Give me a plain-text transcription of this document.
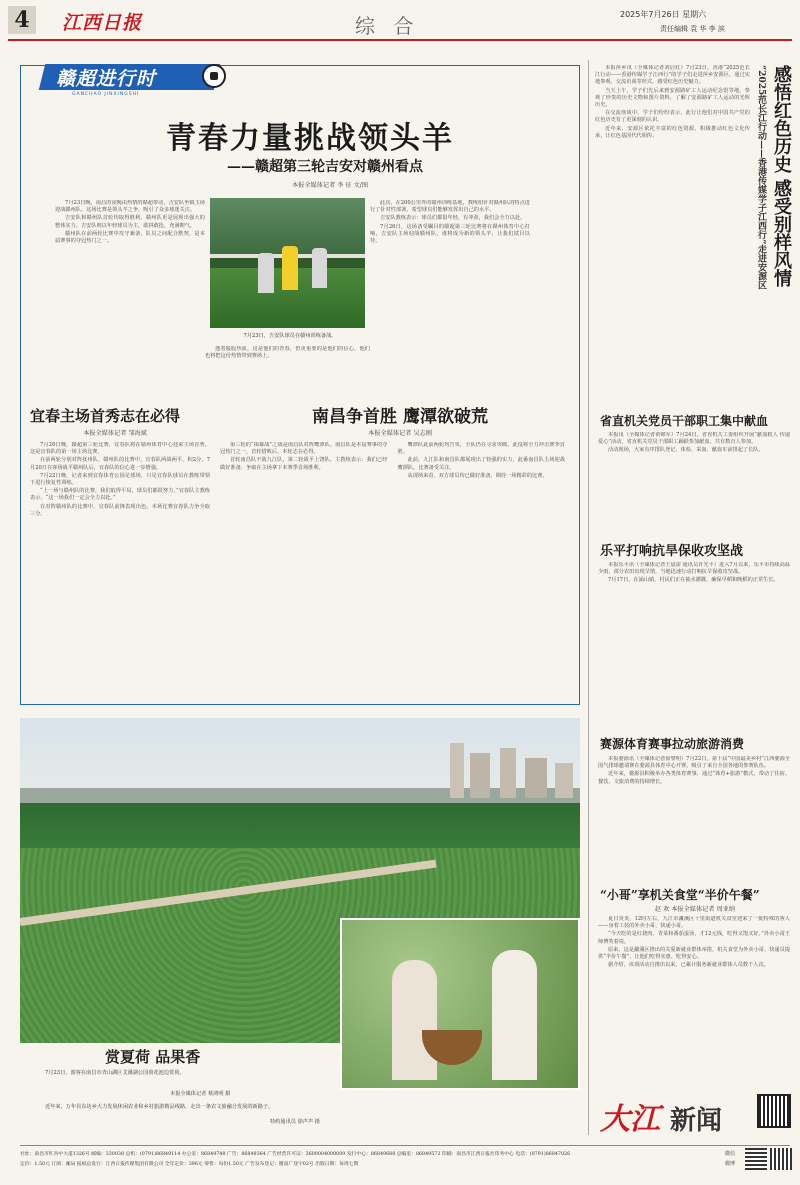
4	江西日报	综 合	2025年7月26日 星期六
责任编辑 袁 华 李 滨
赣超进行时
GANCHAO JINXINGSHI
青春力量挑战领头羊
——赣超第三轮吉安对赣州看点
本报全媒体记者 李 征 文/图

7月23日晚，南昌的夜晚由热情的赣超带动，吉安队坐镇主场迎战赣州队。这场比赛是领头羊之争，吸引了众多球迷关注。

吉安队和赣州队首轮均取得胜利，赣州队更是展现出强大的整体实力。吉安队则以年轻球员为主，敢拼敢抢，充满朝气。

赣州队在前两轮比赛中攻守兼备，队员之间配合默契，是本届赛事的夺冠热门之一。

7月23日，吉安队球员在赣州训练备战。

此次，在200公里外的赣州训练基地，教练组针对赣州队的特点进行了针对性部署，希望球员们能够发挥出自己的水平。

吉安队教练表示：球员们都很年轻，有冲劲，我们会全力以赴。

7月26日，这场备受瞩目的赣超第三轮比赛将在赣州体育中心打响，吉安队主场迎战赣州队，谁将成为新的领头羊，让我们拭目以待。

透着股股热血，这是他们的青春，但更重要的是他们的信心，他们也将把这份热情带到赛场上。

宜春主场首秀志在必得
本报全媒体记者 邹海斌

7月26日晚，赣超第三轮比赛，宜春队将在赣州体育中心迎来主场首秀。这是宜春队的第一场主场比赛。

在前两轮分别对阵抚州队、赣州队的比赛中，宜春队两战两平，积2分。7月20日在客场战平赣州队后，宜春队的信心进一步增强。

7月22日晚，记者来到宜春体育公园足球场，只见宜春队球员在教练带领下进行恢复性训练。

“上一场与赣州队的比赛，我们取得平局，球员们都很努力，”宜春队主教练表示，“这一场我们一定会全力以赴。”

在对阵赣州队的比赛中，宜春队前锋表现出色。本场比赛宜春队力争全取三分。

南昌争首胜 鹰潭欲破荒
本报全媒体记者 吴志刚

第三轮的“揭幕战”之战是南昌队对阵鹰潭队。南昌队是本届赛事的夺冠热门之一，首轮惜败后，本轮志在必得。

首轮南昌队不敌九江队，第二轮战平上饶队。主教练表示：我们已经做好准备，争取在主场拿下本赛季首场胜利。

鹰潭队此前两轮均告负，全队仍在寻求突破，此役将全力冲击赛季首胜。

此前，九江队和南昌队都展现出了较强的实力，此番南昌队主场迎战鹰潭队，比赛备受关注。

从现场来看，双方球员均已做好准备，期待一场精彩的比赛。

赏夏荷 品果香
7月23日，游客在南昌市青山湖区艾溪湖公园荷花池边赏荷。
本报全媒体记者 蔡鸿明 摄
近年来，万年县东坊乡大力发展休闲农业和乡村旅游精品线路，走出一条农文旅融合发展的新路子。
特约通讯员 徐声声 摄

本报萍乡讯（全媒体记者刘启红）7月23日，香港“2025范长江行动——香港传媒学子江西行”的学子们走进萍乡安源区，通过实地参观、交流访谈等形式，感受红色历史魅力。

当天上午，学子们先后来到安源路矿工人运动纪念馆等地，参观了珍贵的历史文物和图片资料，了解了安源路矿工人运动的光辉历史。

在交流座谈中，学子们纷纷表示，此行让他们对中国共产党的红色历史有了更深刻的认识。

近年来，安源区依托丰富的红色资源，积极推动红色文化传承，让红色基因代代相传。	“2025范长江行动——香港传媒学子江西行”走进安源区 感悟红色历史 感受别样风情
省直机关党员干部职工集中献血

本报讯（全媒体记者黄锦军）7月24日，省直机关工委组织开展“献血救人 传递爱心”活动，省直机关党员干部职工踊跃参加献血，共有数百人参加。

活动现场，大家有序排队登记、体检、采血，献血车前排起了长队。

乐平打响抗旱保收攻坚战

本报乐平讯（全媒体记者王晨霈 通讯员许光平）进入7月以来，乐平市持续高温少雨，部分农田出现旱情，当地迅速行动打响抗旱保收攻坚战。

7月17日，在涌山镇，村民们正在抽水灌溉，确保早稻和晚稻的正常生长。

赛源体育赛事拉动旅游消费

本报婺源讯（全媒体记者徐黎明）7月22日，第十届“中国最美乡村”江西婺源全国气排球邀请赛在婺源县体育中心开赛，吸引了来自全国各地的参赛队伍。

近年来，婺源县积极举办各类体育赛事，通过“体育+旅游”模式，带动了住宿、餐饮、文旅消费的持续增长。

“小哥”享机关食堂“半价午餐”
赵 欢 本报全媒体记者 周亚纳

夏日炎炎，12时左右，九江市濂溪区十里街道机关食堂迎来了一批特殊的客人——身着工装的外卖小哥、快递小哥。

“今天吃的是红烧肉、青菜和番茄蛋汤，才12元钱，吃得又饱又好。”外卖小哥王师傅笑着说。

原来，这是濂溪区推出的关爱新就业群体举措，机关食堂为外卖小哥、快递员提供“半价午餐”，让他们吃得实惠、吃得安心。

据介绍，该项活动自推出以来，已累计服务新就业群体人员数千人次。

大江 新闻
社址：南昌市红谷中大道1326号 邮编：330038 总机：(0791)86849114 办公室：86849748 广告：86849364 广告经营许可证：3600004000009 发行中心：86849688 总编室：86849572 印刷：南昌市江西日报社印务中心 电话：(0791)86847026
定价：1.50元 订阅：邮局 报纸总发行：江西日报传媒集团有限公司 全年定价：396元 零售：每份1.50元 广告发布登记：赣南广登字02号 出版日期：每周七期
微信
微博
